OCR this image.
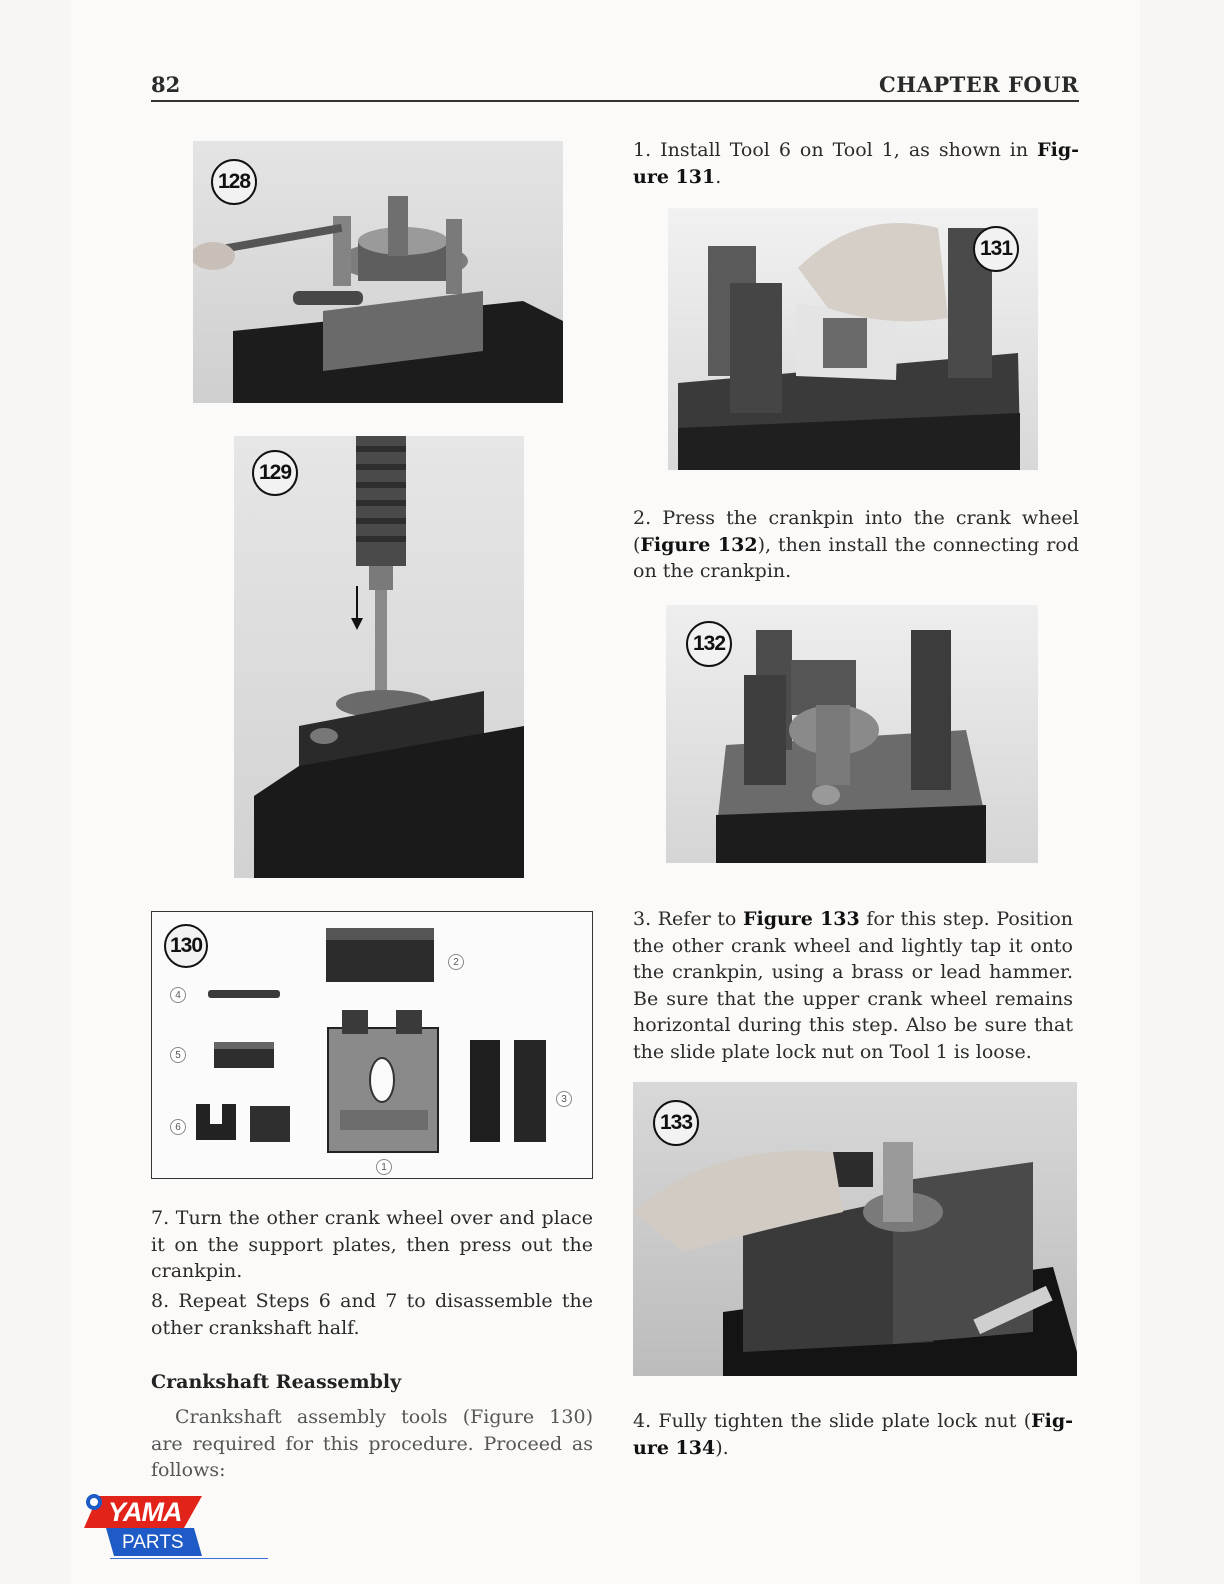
82	CHAPTER FOUR
128
129
130
2
4
5
3
6
1
7. Turn the other crank wheel over and place it on the support plates, then press out the crankpin.
8. Repeat Steps 6 and 7 to disassemble the other crankshaft half.
Crankshaft Reassembly
Crankshaft assembly tools (Figure 130) are required for this procedure. Proceed as follows:
1. Install Tool 6 on Tool 1, as shown in Fig-ure 131.
131
2. Press the crankpin into the crank wheel (Figure 132), then install the connecting rod on the crankpin.
132
3. Refer to Figure 133 for this step. Position the other crank wheel and lightly tap it onto the crankpin, using a brass or lead hammer. Be sure that the upper crank wheel remains horizontal during this step. Also be sure that the slide plate lock nut on Tool 1 is loose.
133
4. Fully tighten the slide plate lock nut (Fig-ure 134).
YAMA
PARTS
